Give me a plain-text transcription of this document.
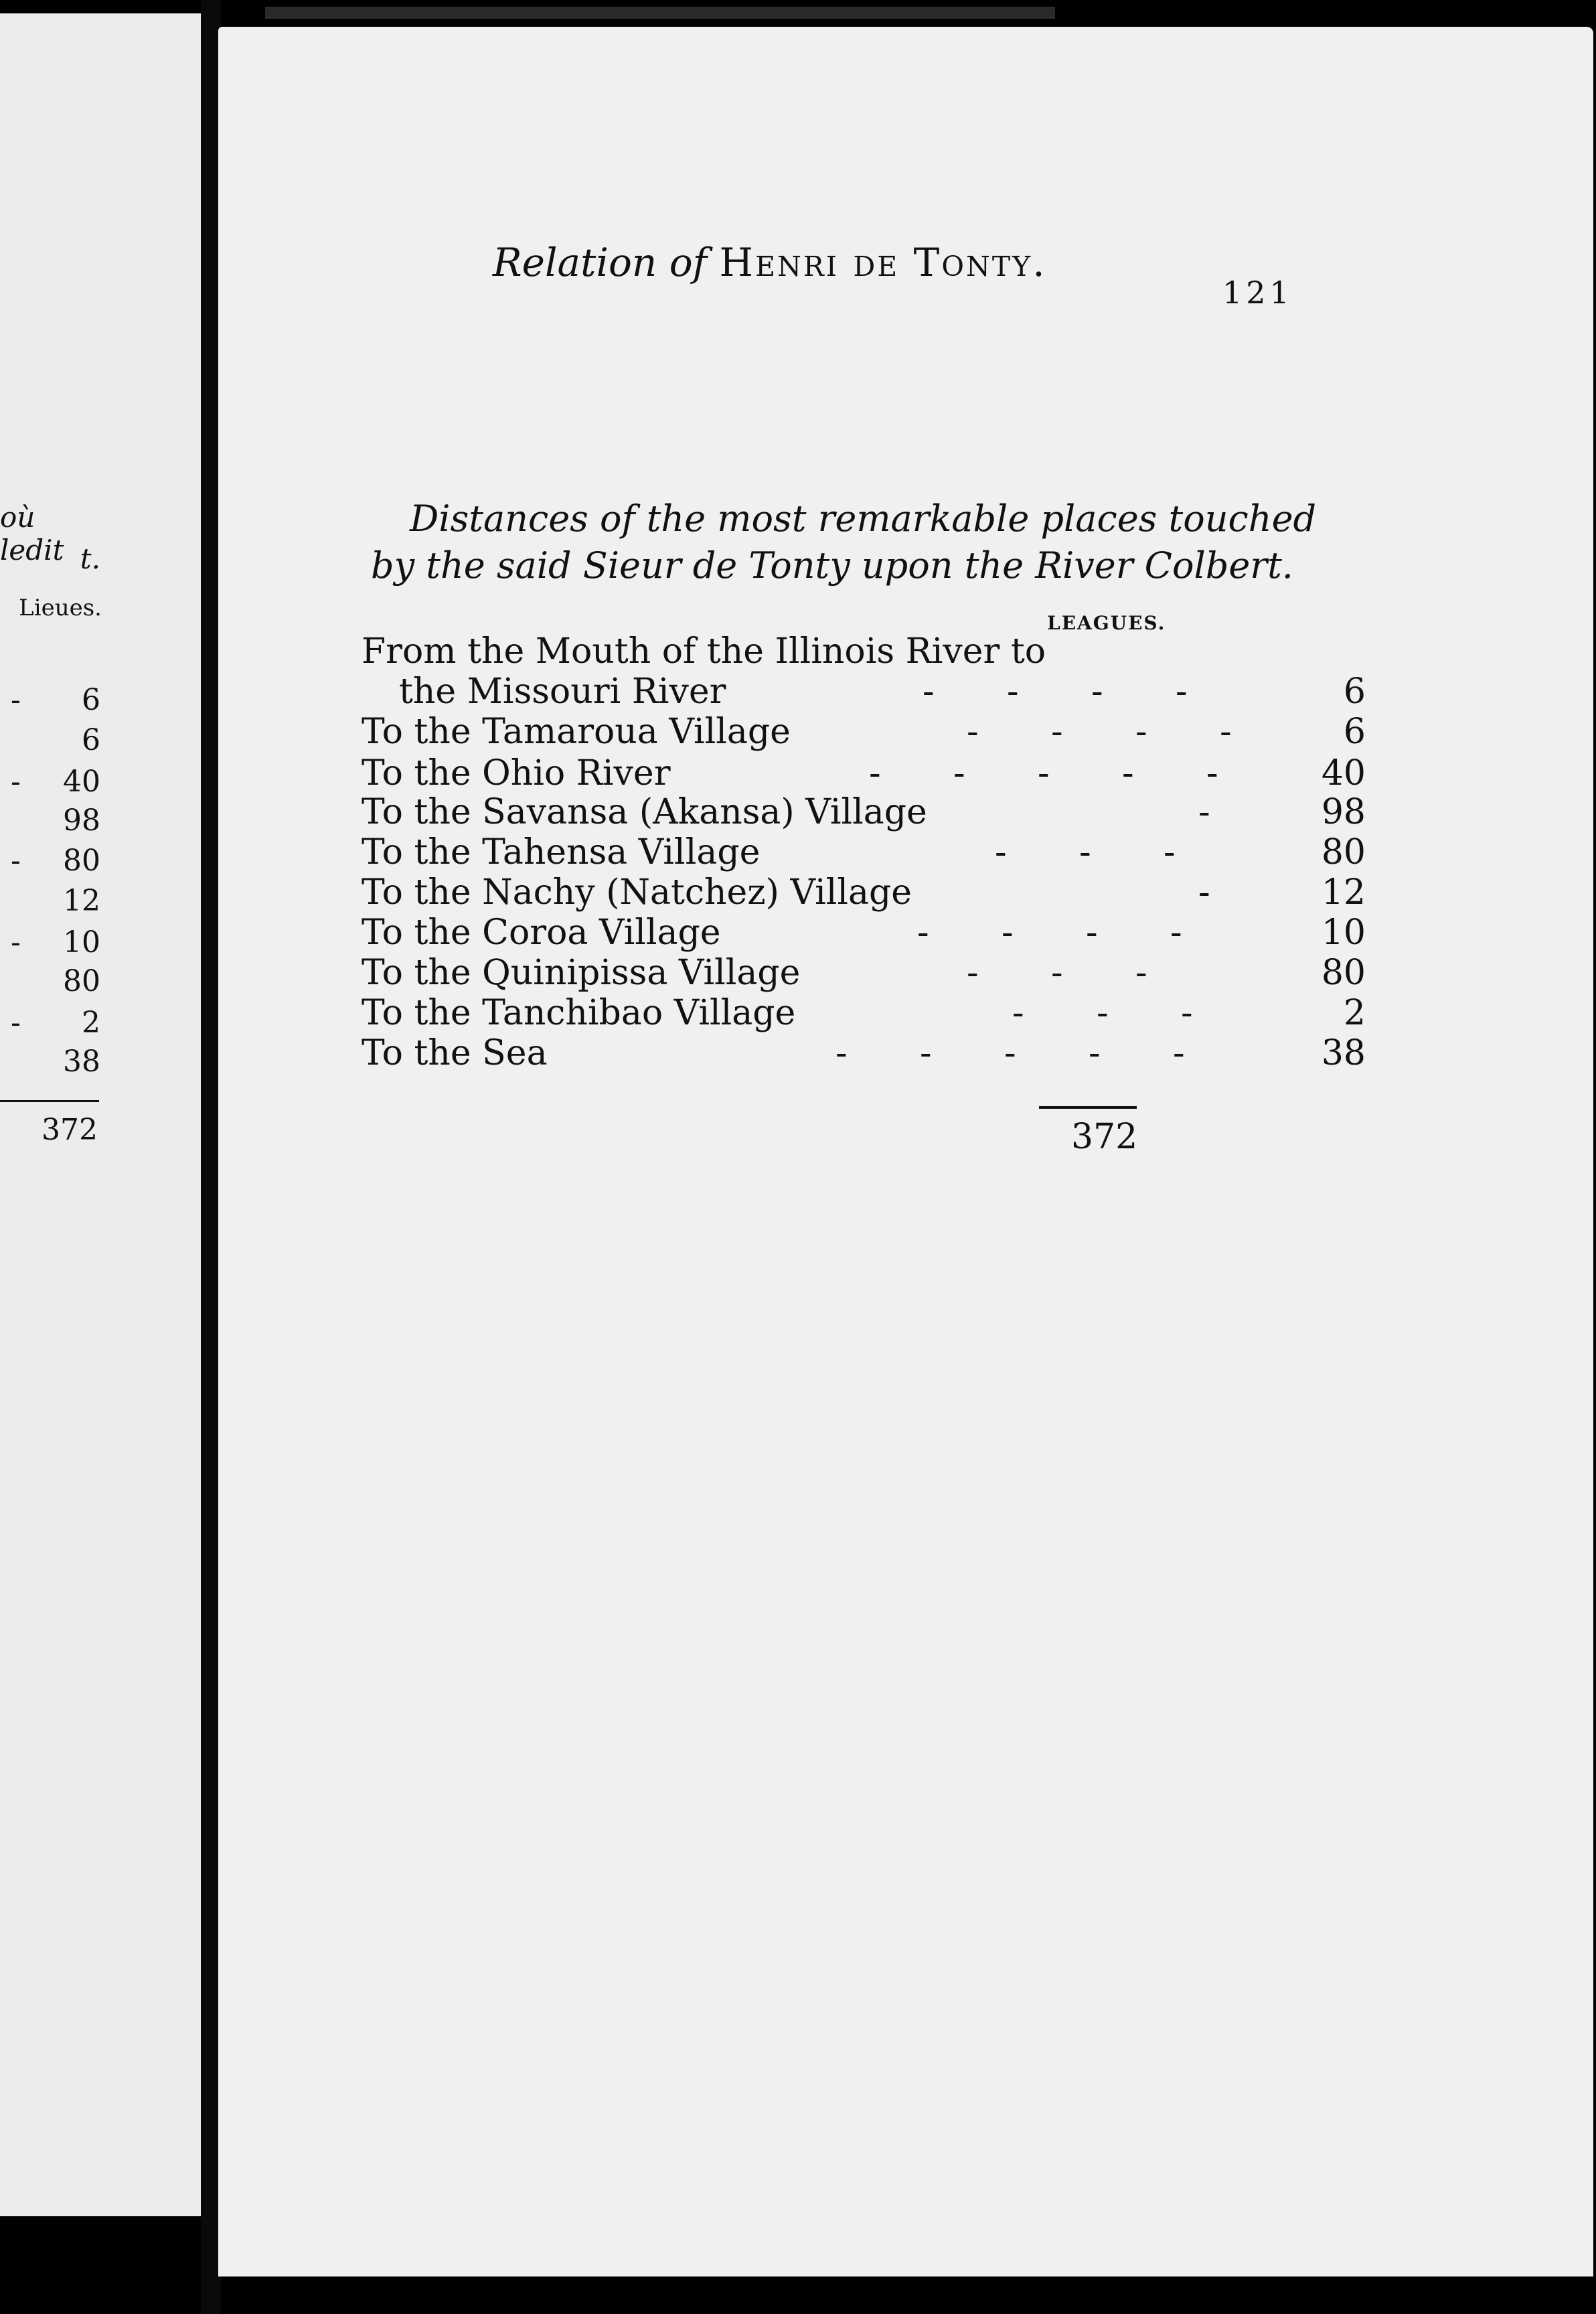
où ledit t.
Lieues.
- 6
6
- 40
98
- 80
12
- 10
80
- 2
38
372
Relation of Henri de Tonty.
121
Distances of the most remarkable places touched
by the said Sieur de Tonty upon the River Colbert.
LEAGUES.
From the Mouth of the Illinois River to
the Missouri River	- - - -	6
To the Tamaroua Village	- - - -	6
To the Ohio River	- - - - -	40
To the Savansa (Akansa) Village	-	98
To the Tahensa Village	- - -	80
To the Nachy (Natchez) Village	-	12
To the Coroa Village	- - - -	10
To the Quinipissa Village	- - -	80
To the Tanchibao Village	- - -	2
To the Sea	- - - - -	38
372
